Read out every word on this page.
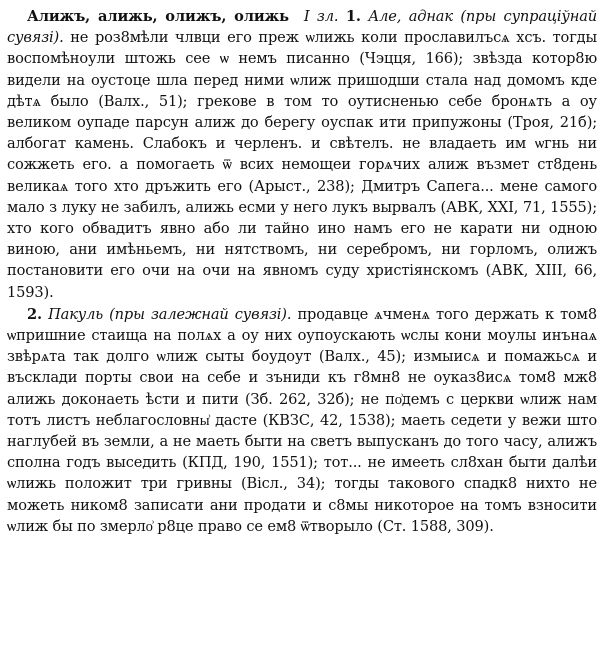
Алижъ, алижь, олижъ, олижь I зл. 1. Але, аднак (пры супрацiўнай сувязi). не роз8мѣли члвци его преж ѡлижь коли прославилъсѧ хсъ. тогды воспомѣноули штожь сее ѡ немъ писанно (Чэцця, 166); звѣзда котор8ю видели на оустоце шла перед ними ѡлиж пришодши стала над домомъ кде дѣтѧ было (Валх., 51); грекове в том то оутисненью себе бронѧть а оу великом оупаде парсун алиж до берегу оуспак ити припужоны (Троя, 21б); албогат камень. Слабокъ и черленъ. и свѣтелъ. не владаеть им ѡгнь ни сожжеть его. а помогаеть ѿ всих немощеи горѧчих алиж възмет ст8день великаѧ того хто дръжить его (Арыст., 238); Дмитръ Сапега... мене самого мало з луку не забилъ, алижь есми у него лукъ вырвалъ (АВК, XXI, 71, 1555); хто кого обвадитъ явно або ли тайно ино намъ его не карати ни одною виною, ани имѣньемъ, ни нятствомъ, ни серебромъ, ни горломъ, олижъ постановити его очи на очи на явномъ суду христiянскомъ (АВК, XIII, 66, 1593).

2. Пакуль (пры залежнай сувязi). продавце ѧчменѧ того держать к том8 ѡпришние стаища на полѧх а оу них оупоускають ѡслы кони моулы инънаѧ звѣрѧта так долго ѡлиж сыты боудоут (Валх., 45); измыисѧ и помажьсѧ и въсклади порты свои на себе и зъниди къ г8мн8 не оуказ8исѧ том8 мж8 алижь доконаеть ѣсти и пити (Зб. 262, 32б); не по͗демъ с церкви ѡлиж нам тотъ листъ неблагословны͗ дасте (КВЗС, 42, 1538); маеть седети у вежи што наглубей въ земли, а не маеть быти на светъ выпусканъ до того часу, алижъ сполна годъ выседить (КПД, 190, 1551); тот... не имееть сл8хан быти далѣи ѡлижь положит три гривны (Вiсл., 34); тогды такового спадк8 нихто не може‍ть ником8 записати ани продати и с8мы никоторое на томъ взносити ѡлиж бы по змерло͗ р8це право се ем8 ѿтворыло (Ст. 1588, 309).
